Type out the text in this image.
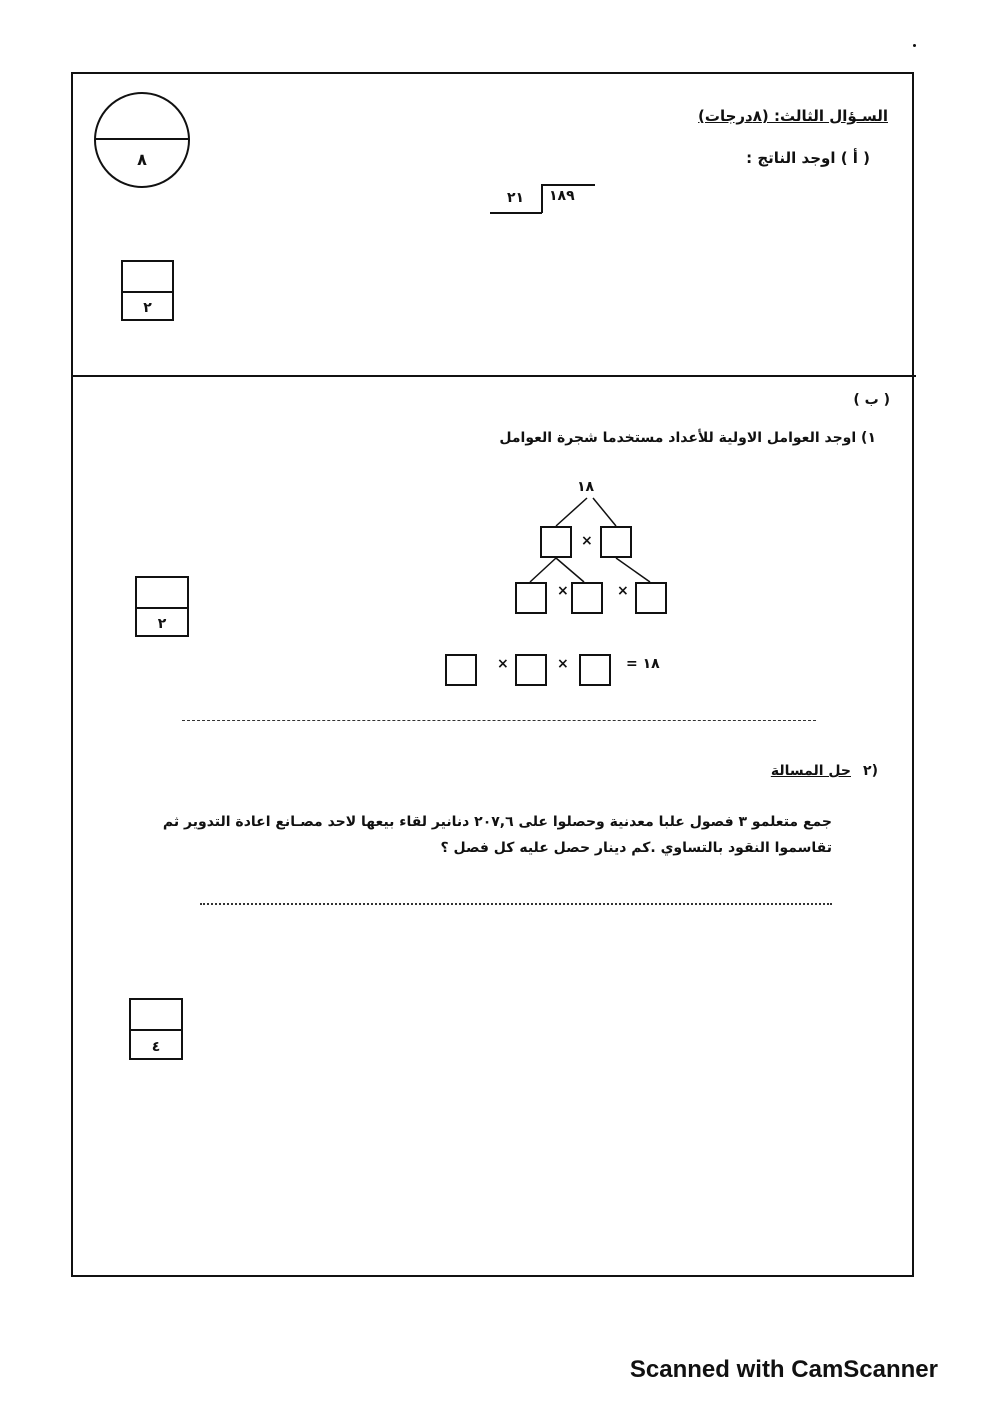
٨
السـؤال الثالث: (٨درجات)
( أ ) اوجد الناتج :
٢١ ١٨٩
٢
( ب )
١) اوجد العوامل الاولية للأعداد مستخدما شجرة العوامل
١٨
×
×	×
×	×	= ١٨
٢
٢)
حل المسالة
جمع متعلمو ٣ فصول علبا معدنية وحصلوا على ٢٠٧,٦ دنانير لقاء بيعها لاحد مصـانع اعادة التدوير ثم
تقاسموا النقود بالتساوي .كم دينار حصل عليه كل فصل ؟
٤
Scanned with CamScanner
